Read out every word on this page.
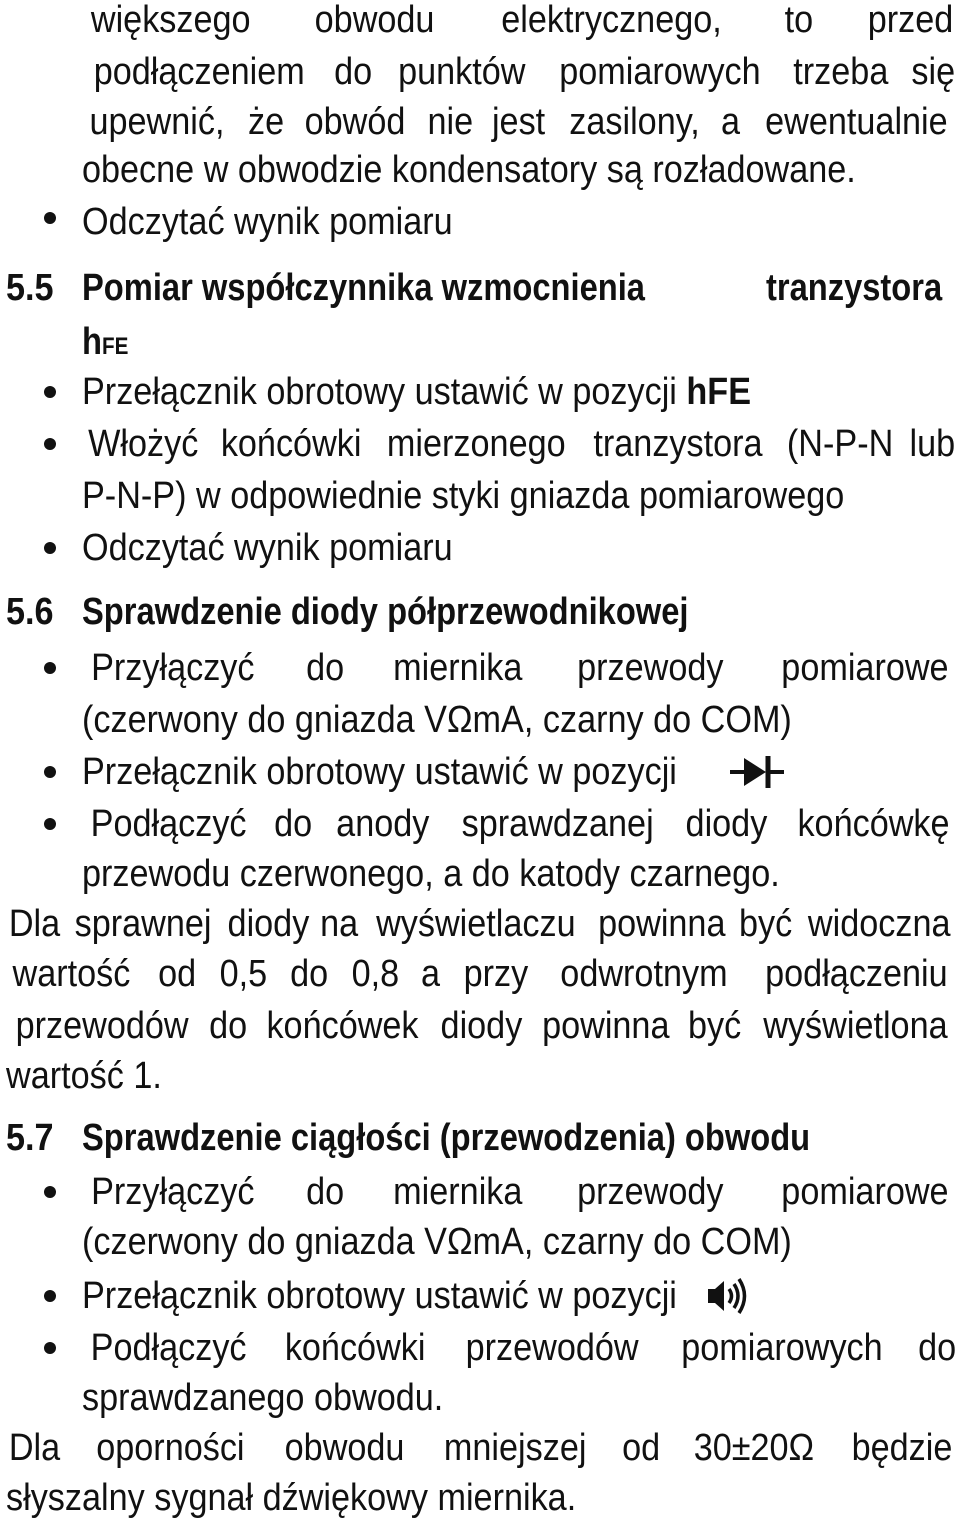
większego obwodu elektrycznego, to przed
podłączeniem do punktów pomiarowych trzeba się
upewnić, że obwód nie jest zasilony, a ewentualnie
obecne w obwodzie kondensatory są rozładowane.
Odczytać wynik pomiaru
5.5 Pomiar współczynnika wzmocnienia	tranzystora
hFE
Przełącznik obrotowy ustawić w pozycji hFE
Włożyć końcówki mierzonego tranzystora (N-P-N lub
P-N-P) w odpowiednie styki gniazda pomiarowego
Odczytać wynik pomiaru
5.6 Sprawdzenie diody półprzewodnikowej
Przyłączyć do miernika przewody pomiarowe
(czerwony do gniazda VΩmA, czarny do COM)
Przełącznik obrotowy ustawić w pozycji
Podłączyć do anody sprawdzanej diody końcówkę
przewodu czerwonego, a do katody czarnego.
Dla sprawnej diody na wyświetlaczu powinna być widoczna
wartość od 0,5 do 0,8 a przy odwrotnym podłączeniu
przewodów do końcówek diody powinna być wyświetlona
wartość 1.
5.7 Sprawdzenie ciągłości (przewodzenia) obwodu
Przyłączyć do miernika przewody pomiarowe
(czerwony do gniazda VΩmA, czarny do COM)
Przełącznik obrotowy ustawić w pozycji
Podłączyć końcówki przewodów pomiarowych do
sprawdzanego obwodu.
Dla oporności obwodu mniejszej od 30±20Ω będzie
słyszalny sygnał dźwiękowy miernika.
